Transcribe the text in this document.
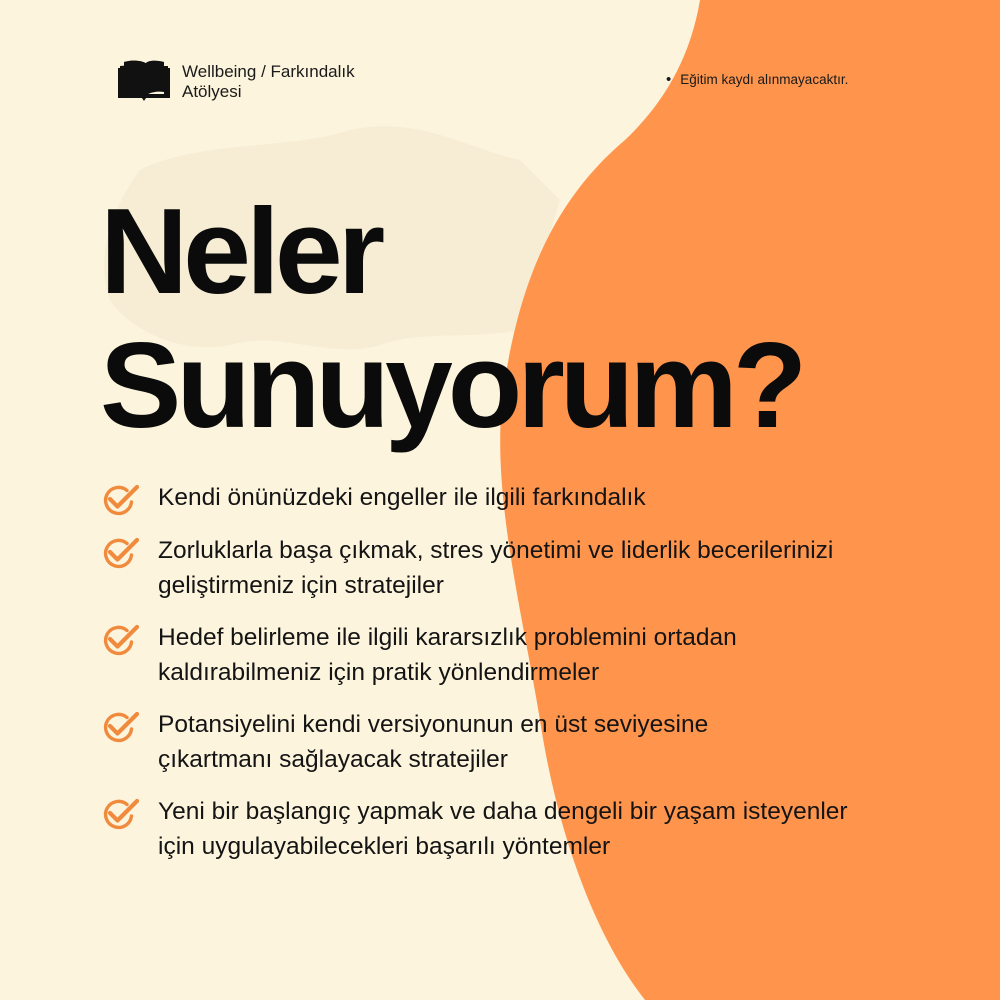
Wellbeing / Farkındalık
Atölyesi
• Eğitim kaydı alınmayacaktır.
Neler
Sunuyorum?
Kendi önünüzdeki engeller ile ilgili farkındalık
Zorluklarla başa çıkmak, stres yönetimi ve liderlik becerilerinizi
geliştirmeniz için stratejiler
Hedef belirleme ile ilgili kararsızlık problemini ortadan
kaldırabilmeniz için pratik yönlendirmeler
Potansiyelini kendi versiyonunun en üst seviyesine
çıkartmanı sağlayacak stratejiler
Yeni bir başlangıç yapmak ve daha dengeli bir yaşam isteyenler
için uygulayabilecekleri başarılı yöntemler
